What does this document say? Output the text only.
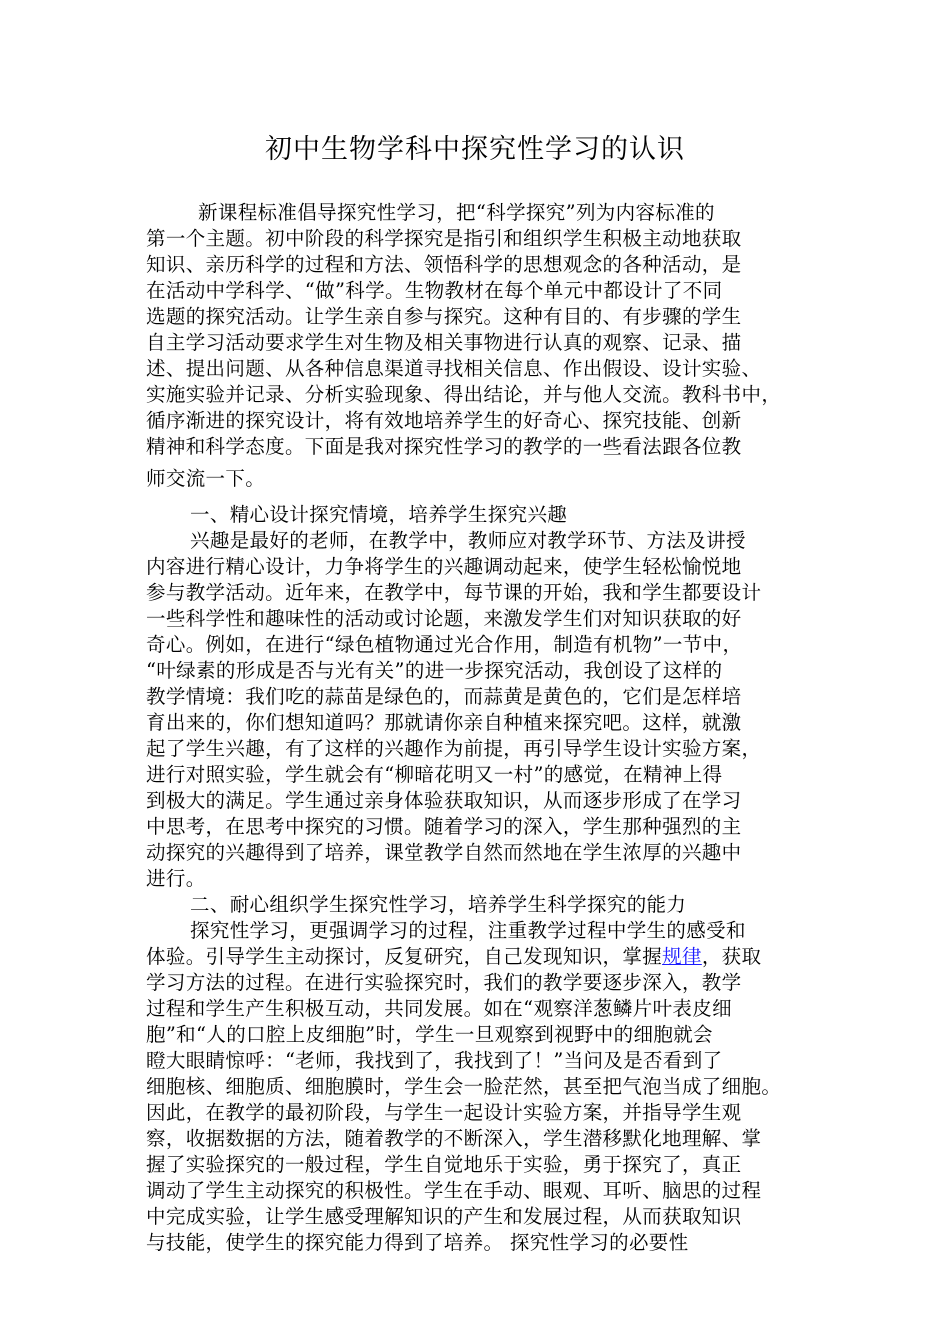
初中生物学科中探究性学习的认识
新课程标准倡导探究性学习，把“科学探究”列为内容标准的
第一个主题。初中阶段的科学探究是指引和组织学生积极主动地获取
知识、亲历科学的过程和方法、领悟科学的思想观念的各种活动，是
在活动中学科学、“做”科学。生物教材在每个单元中都设计了不同
选题的探究活动。让学生亲自参与探究。这种有目的、有步骤的学生
自主学习活动要求学生对生物及相关事物进行认真的观察、记录、描
述、提出问题、从各种信息渠道寻找相关信息、作出假设、设计实验、
实施实验并记录、分析实验现象、得出结论，并与他人交流。教科书中，
循序渐进的探究设计，将有效地培养学生的好奇心、探究技能、创新
精神和科学态度。下面是我对探究性学习的教学的一些看法跟各位教
师交流一下。
一、精心设计探究情境，培养学生探究兴趣
兴趣是最好的老师，在教学中，教师应对教学环节、方法及讲授
内容进行精心设计，力争将学生的兴趣调动起来，使学生轻松愉悦地
参与教学活动。近年来，在教学中，每节课的开始，我和学生都要设计
一些科学性和趣味性的活动或讨论题，来激发学生们对知识获取的好
奇心。例如，在进行“绿色植物通过光合作用，制造有机物”一节中，
“叶绿素的形成是否与光有关”的进一步探究活动，我创设了这样的
教学情境：我们吃的蒜苗是绿色的，而蒜黄是黄色的，它们是怎样培
育出来的，你们想知道吗？那就请你亲自种植来探究吧。这样，就激
起了学生兴趣，有了这样的兴趣作为前提，再引导学生设计实验方案，
进行对照实验，学生就会有“柳暗花明又一村”的感觉，在精神上得
到极大的满足。学生通过亲身体验获取知识，从而逐步形成了在学习
中思考，在思考中探究的习惯。随着学习的深入，学生那种强烈的主
动探究的兴趣得到了培养，课堂教学自然而然地在学生浓厚的兴趣中
进行。
二、耐心组织学生探究性学习，培养学生科学探究的能力
探究性学习，更强调学习的过程，注重教学过程中学生的感受和
体验。引导学生主动探讨，反复研究，自己发现知识，掌握规律，获取
学习方法的过程。在进行实验探究时，我们的教学要逐步深入，教学
过程和学生产生积极互动，共同发展。如在“观察洋葱鳞片叶表皮细
胞”和“人的口腔上皮细胞”时，学生一旦观察到视野中的细胞就会
瞪大眼睛惊呼：“老师，我找到了，我找到了！”当问及是否看到了
细胞核、细胞质、细胞膜时，学生会一脸茫然，甚至把气泡当成了细胞。
因此，在教学的最初阶段，与学生一起设计实验方案，并指导学生观
察，收据数据的方法，随着教学的不断深入，学生潜移默化地理解、掌
握了实验探究的一般过程，学生自觉地乐于实验，勇于探究了，真正
调动了学生主动探究的积极性。学生在手动、眼观、耳听、脑思的过程
中完成实验，让学生感受理解知识的产生和发展过程，从而获取知识
与技能，使学生的探究能力得到了培养。 探究性学习的必要性
